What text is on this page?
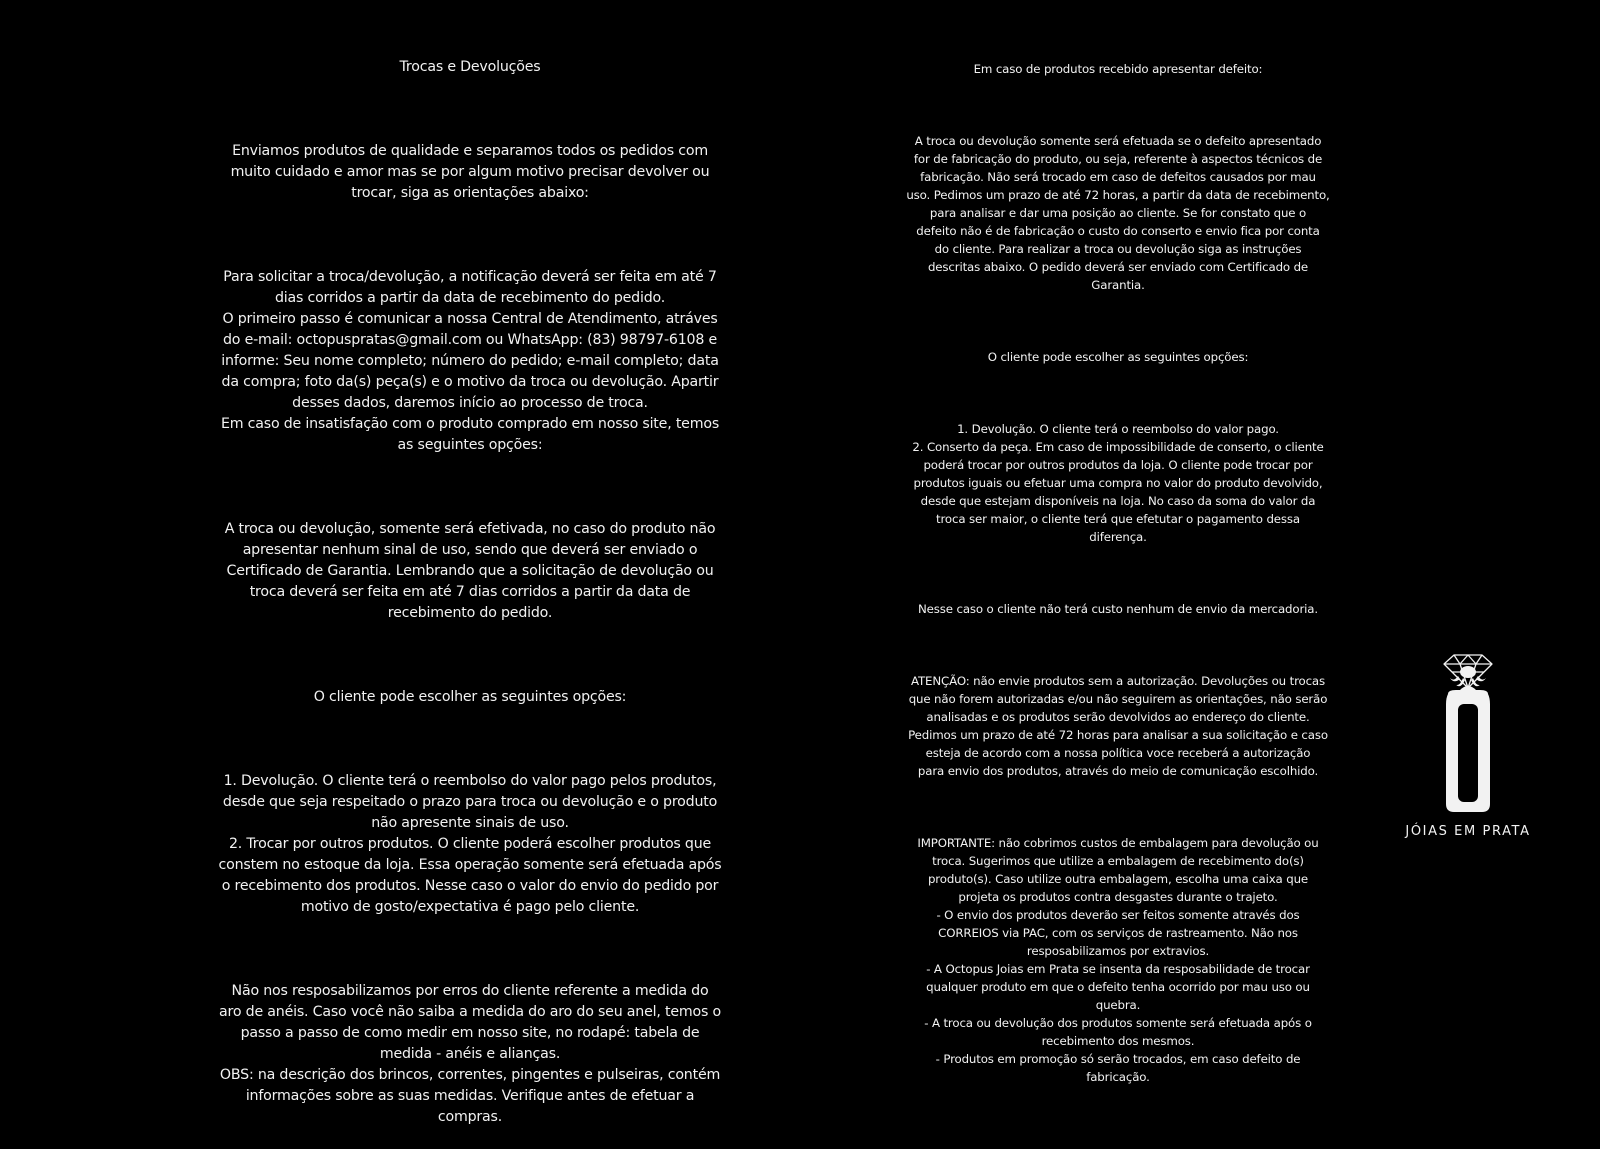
Trocas e Devoluções

Enviamos produtos de qualidade e separamos todos os pedidos com
muito cuidado e amor mas se por algum motivo precisar devolver ou
trocar, siga as orientações abaixo:

Para solicitar a troca/devolução, a notificação deverá ser feita em até 7
dias corridos a partir da data de recebimento do pedido.
O primeiro passo é comunicar a nossa Central de Atendimento, atráves
do e-mail: octopuspratas@gmail.com ou WhatsApp: (83) 98797-6108 e
informe: Seu nome completo; número do pedido; e-mail completo; data
da compra; foto da(s) peça(s) e o motivo da troca ou devolução. Apartir
desses dados, daremos início ao processo de troca.
Em caso de insatisfação com o produto comprado em nosso site, temos
as seguintes opções:

A troca ou devolução, somente será efetivada, no caso do produto não
apresentar nenhum sinal de uso, sendo que deverá ser enviado o
Certificado de Garantia. Lembrando que a solicitação de devolução ou
troca deverá ser feita em até 7 dias corridos a partir da data de
recebimento do pedido.

O cliente pode escolher as seguintes opções:

1. Devolução. O cliente terá o reembolso do valor pago pelos produtos,
desde que seja respeitado o prazo para troca ou devolução e o produto
não apresente sinais de uso.
2. Trocar por outros produtos. O cliente poderá escolher produtos que
constem no estoque da loja. Essa operação somente será efetuada após
o recebimento dos produtos. Nesse caso o valor do envio do pedido por
motivo de gosto/expectativa é pago pelo cliente.

Não nos resposabilizamos por erros do cliente referente a medida do
aro de anéis. Caso você não saiba a medida do aro do seu anel, temos o
passo a passo de como medir em nosso site, no rodapé: tabela de
medida - anéis e alianças.
OBS: na descrição dos brincos, correntes, pingentes e pulseiras, contém
informações sobre as suas medidas. Verifique antes de efetuar a
compras.

Em caso de produtos recebido apresentar defeito:

A troca ou devolução somente será efetuada se o defeito apresentado
for de fabricação do produto, ou seja, referente à aspectos técnicos de
fabricação. Não será trocado em caso de defeitos causados por mau
uso. Pedimos um prazo de até 72 horas, a partir da data de recebimento,
para analisar e dar uma posição ao cliente. Se for constato que o
defeito não é de fabricação o custo do conserto e envio fica por conta
do cliente. Para realizar a troca ou devolução siga as instruções
descritas abaixo. O pedido deverá ser enviado com Certificado de
Garantia.

O cliente pode escolher as seguintes opções:

1. Devolução. O cliente terá o reembolso do valor pago.
2. Conserto da peça. Em caso de impossibilidade de conserto, o cliente
poderá trocar por outros produtos da loja. O cliente pode trocar por
produtos iguais ou efetuar uma compra no valor do produto devolvido,
desde que estejam disponíveis na loja. No caso da soma do valor da
troca ser maior, o cliente terá que efetutar o pagamento dessa
diferença.

Nesse caso o cliente não terá custo nenhum de envio da mercadoria.

ATENÇÃO: não envie produtos sem a autorização. Devoluções ou trocas
que não forem autorizadas e/ou não seguirem as orientações, não serão
analisadas e os produtos serão devolvidos ao endereço do cliente.
Pedimos um prazo de até 72 horas para analisar a sua solicitação e caso
esteja de acordo com a nossa política voce receberá a autorização
para envio dos produtos, através do meio de comunicação escolhido.

IMPORTANTE: não cobrimos custos de embalagem para devolução ou
troca. Sugerimos que utilize a embalagem de recebimento do(s)
produto(s). Caso utilize outra embalagem, escolha uma caixa que
projeta os produtos contra desgastes durante o trajeto.
- O envio dos produtos deverão ser feitos somente através dos
CORREIOS via PAC, com os serviços de rastreamento. Não nos
resposabilizamos por extravios.
- A Octopus Joias em Prata se insenta da resposabilidade de trocar
qualquer produto em que o defeito tenha ocorrido por mau uso ou
quebra.
- A troca ou devolução dos produtos somente será efetuada após o
recebimento dos mesmos.
- Produtos em promoção só serão trocados, em caso defeito de
fabricação.

JÓIAS EM PRATA
